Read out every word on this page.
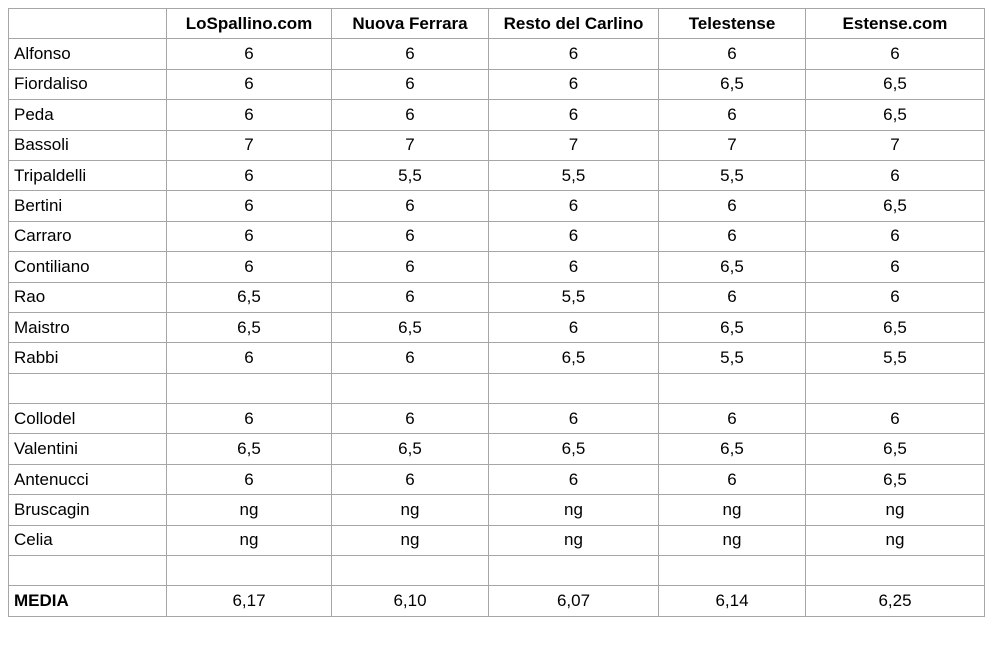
	LoSpallino.com	Nuova Ferrara	Resto del Carlino	Telestense	Estense.com
Alfonso	6	6	6	6	6
Fiordaliso	6	6	6	6,5	6,5
Peda	6	6	6	6	6,5
Bassoli	7	7	7	7	7
Tripaldelli	6	5,5	5,5	5,5	6
Bertini	6	6	6	6	6,5
Carraro	6	6	6	6	6
Contiliano	6	6	6	6,5	6
Rao	6,5	6	5,5	6	6
Maistro	6,5	6,5	6	6,5	6,5
Rabbi	6	6	6,5	5,5	5,5

Collodel	6	6	6	6	6
Valentini	6,5	6,5	6,5	6,5	6,5
Antenucci	6	6	6	6	6,5
Bruscagin	ng	ng	ng	ng	ng
Celia	ng	ng	ng	ng	ng

MEDIA	6,17	6,10	6,07	6,14	6,25
